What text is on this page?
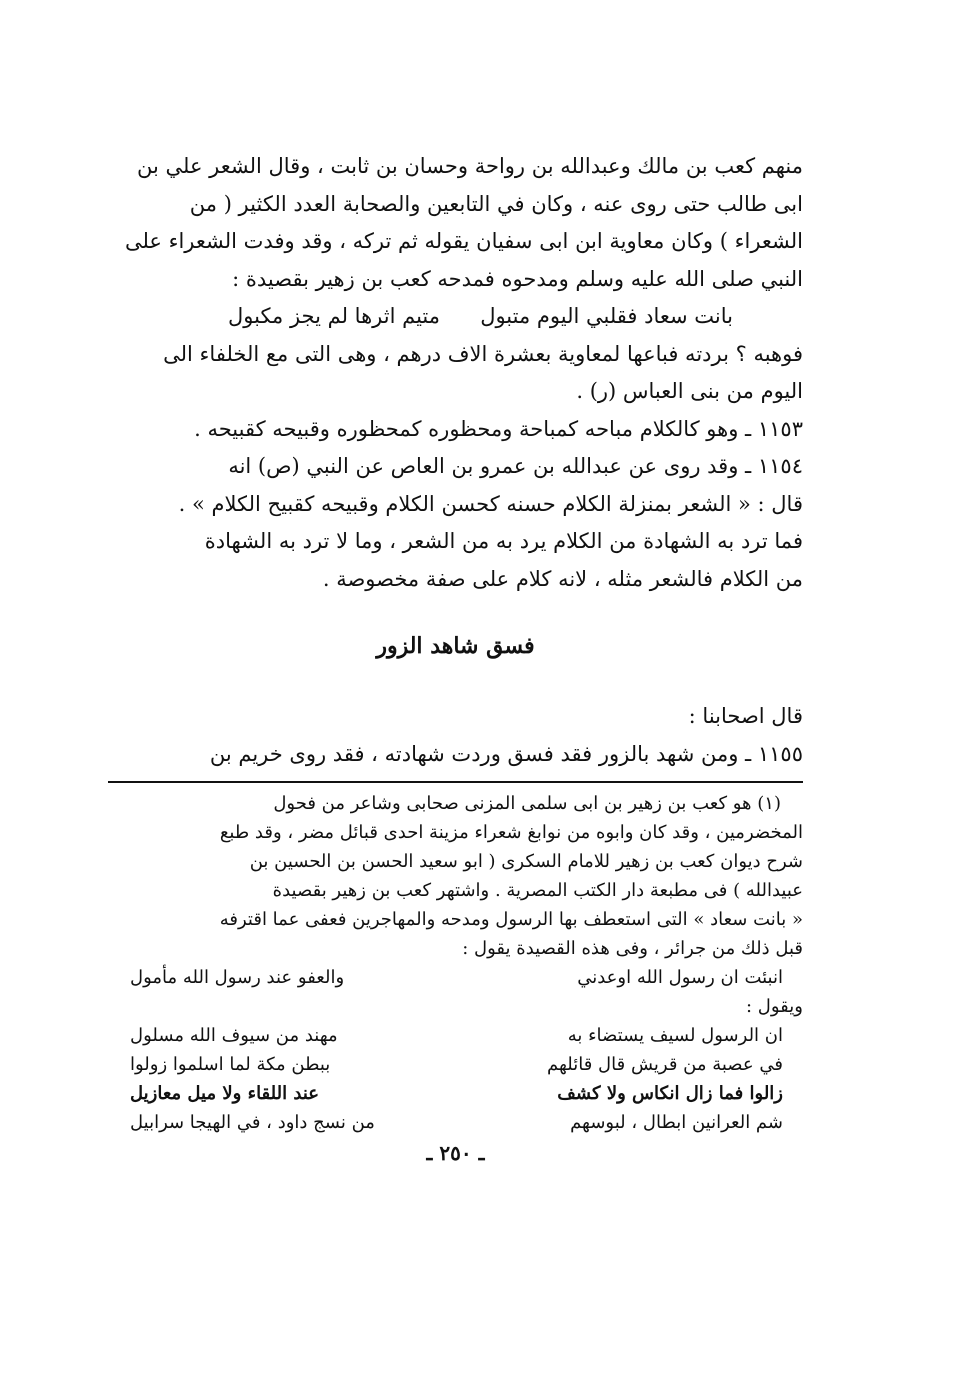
منهم كعب بن مالك وعبدالله بن رواحة وحسان بن ثابت ، وقال الشعر علي بن
ابى طالب حتى روى عنه ، وكان في التابعين والصحابة العدد الكثير ( من
الشعراء ) وكان معاوية ابن ابى سفيان يقوله ثم تركه ، وقد وفدت الشعراء على
النبي صلى الله عليه وسلم ومدحوه فمدحه كعب بن زهير بقصيدة :
بانت سعاد فقلبي اليوم متبول
متيم اثرها لم يجز مكبول
فوهبه ؟ بردته فباعها لمعاوية بعشرة الاف درهم ، وهى التى مع الخلفاء الى
اليوم من بنى العباس (ر) .
١١٥٣ ـ وهو كالكلام مباحه كمباحة ومحظوره كمحظوره وقبيحه كقبيحه .
١١٥٤ ـ وقد روى عن عبدالله بن عمرو بن العاص عن النبي (ص) انه
قال : « الشعر بمنزلة الكلام حسنه كحسن الكلام وقبيحه كقبيح الكلام » .
فما ترد به الشهادة من الكلام يرد به من الشعر ، وما لا ترد به الشهادة
من الكلام فالشعر مثله ، لانه كلام على صفة مخصوصة .
فسق شاهد الزور
قال اصحابنا :
١١٥٥ ـ ومن شهد بالزور فقد فسق وردت شهادته ، فقد روى خريم بن
(١) هو كعب بن زهير بن ابى سلمى المزنى صحابى وشاعر من فحول
المخضرمين ، وقد كان وابوه من نوابغ شعراء مزينة احدى قبائل مضر ، وقد طبع
شرح ديوان كعب بن زهير للامام السكرى ( ابو سعيد الحسن بن الحسين بن
عبيدالله ) فى مطبعة دار الكتب المصرية . واشتهر كعب بن زهير بقصيدة
« بانت سعاد » التى استعطف بها الرسول ومدحه والمهاجرين فعفى عما اقترفه
قبل ذلك من جرائر ، وفى هذه القصيدة يقول :
انبئت ان رسول الله اوعدني
والعفو عند رسول الله مأمول
ويقول :
ان الرسول لسيف يستضاء به
مهند من سيوف الله مسلول
في عصبة من قريش قال قائلهم
ببطن مكة لما اسلموا زولوا
زالوا فما زال انكاس ولا كشف
عند اللقاء ولا ميل معازيل
شم العرانين ابطال ، لبوسهم
من نسج داود ، في الهيجا سرابيل
ـ ٢٥٠ ـ
